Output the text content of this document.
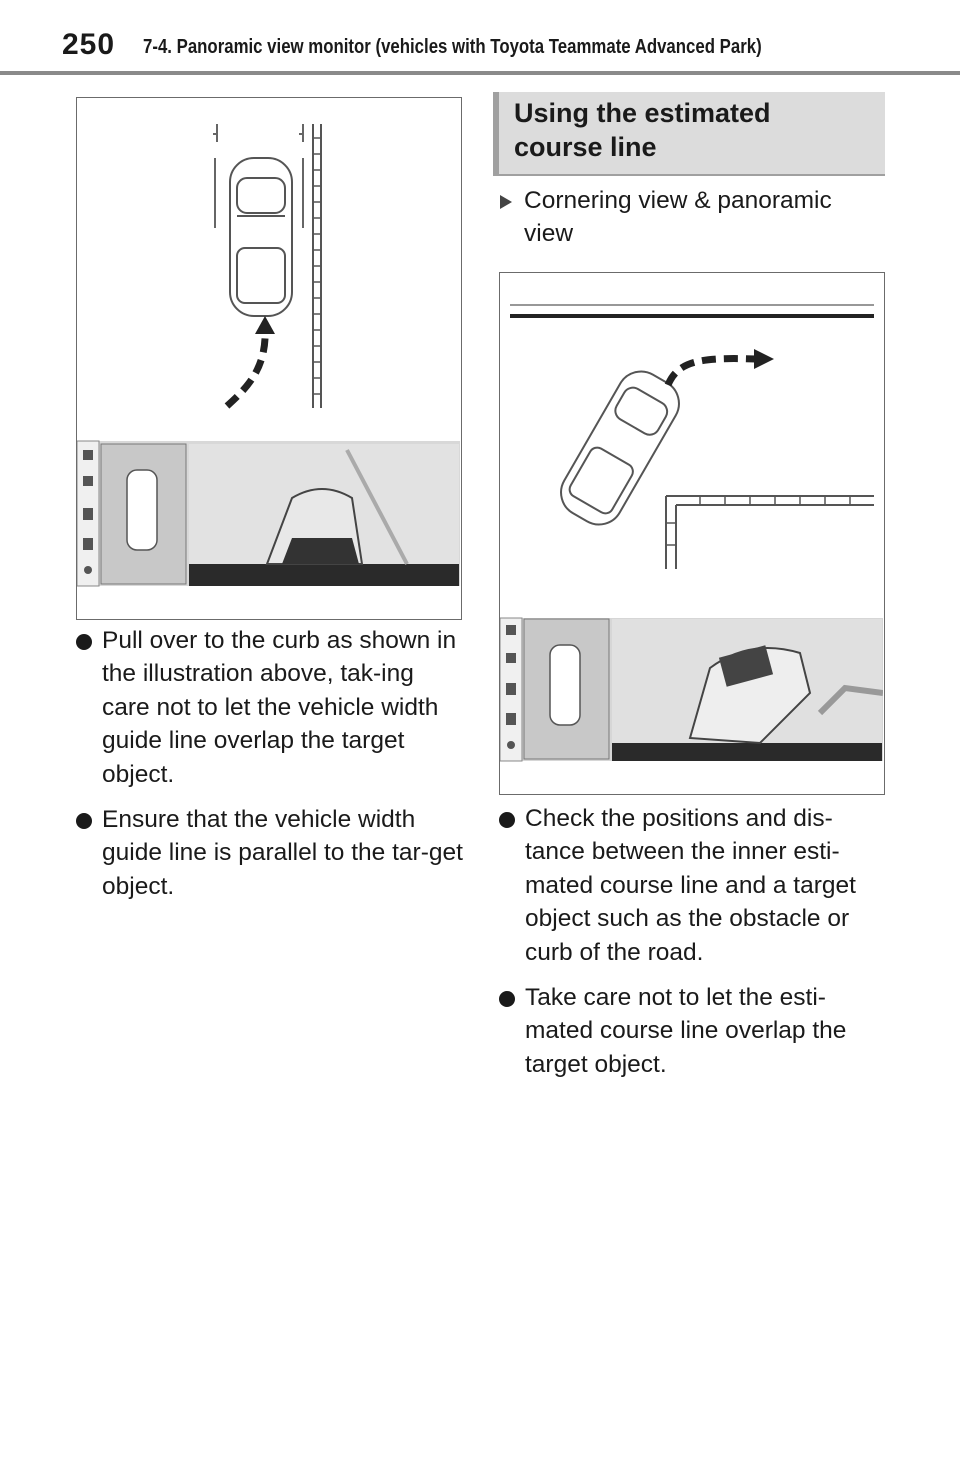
250 7-4. Panoramic view monitor (vehicles with Toyota Teammate Advanced Park)
Pull over to the curb as shown in the illustration above, tak-ing care not to let the vehicle width guide line overlap the target object.
Ensure that the vehicle width guide line is parallel to the tar-get object.
Using the estimated
course line
Cornering view & panoramic view
Check the positions and dis-tance between the inner esti-mated course line and a target object such as the obstacle or curb of the road.
Take care not to let the esti-mated course line overlap the target object.
